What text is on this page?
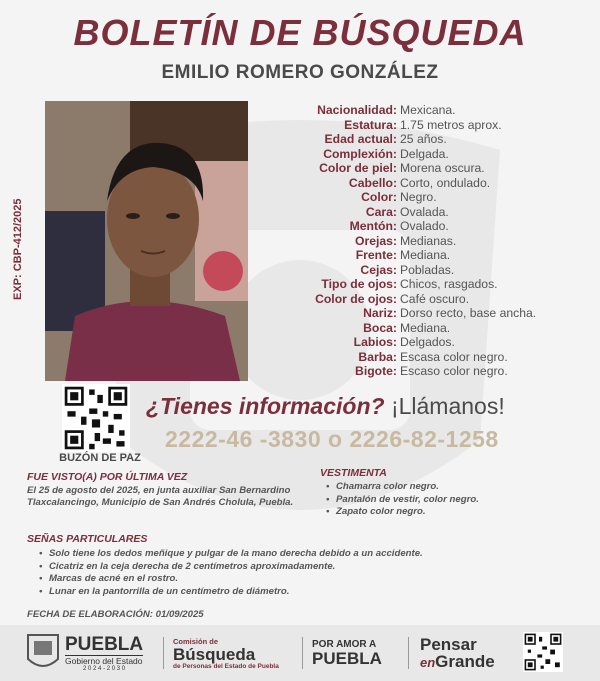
BOLETÍN DE BÚSQUEDA
EMILIO ROMERO GONZÁLEZ
EXP: CBP-412/2025
Nacionalidad: Mexicana.
Estatura: 1.75 metros aprox.
Edad actual: 25 años.
Complexión: Delgada.
Color de piel: Morena oscura.
Cabello: Corto, ondulado.
Color: Negro.
Cara: Ovalada.
Mentón: Ovalado.
Orejas: Medianas.
Frente: Mediana.
Cejas: Pobladas.
Tipo de ojos: Chicos, rasgados.
Color de ojos: Café oscuro.
Nariz: Dorso recto, base ancha.
Boca: Mediana.
Labios: Delgados.
Barba: Escasa color negro.
Bigote: Escaso color negro.
BUZÓN DE PAZ
¿Tienes información? ¡Llámanos!
2222-46 -3830 o 2226-82-1258
FUE VISTO(A) POR ÚLTIMA VEZ

El 25 de agosto del 2025, en junta auxiliar San Bernardino Tlaxcalancingo, Municipio de San Andrés Cholula, Puebla.

VESTIMENTA
• Chamarra color negro.
• Pantalón de vestir, color negro.
• Zapato color negro.
SEÑAS PARTICULARES
• Solo tiene los dedos meñique y pulgar de la mano derecha debido a un accidente.
• Cicatriz en la ceja derecha de 2 centímetros aproximadamente.
• Marcas de acné en el rostro.
• Lunar en la pantorrilla de un centímetro de diámetro.
FECHA DE ELABORACIÓN: 01/09/2025
PUEBLA
Gobierno del Estado
2 0 2 4 - 2 0 3 0
Comisión de
Búsqueda
de Personas del Estado de Puebla
POR AMOR A
PUEBLA
Pensar
enGrande
